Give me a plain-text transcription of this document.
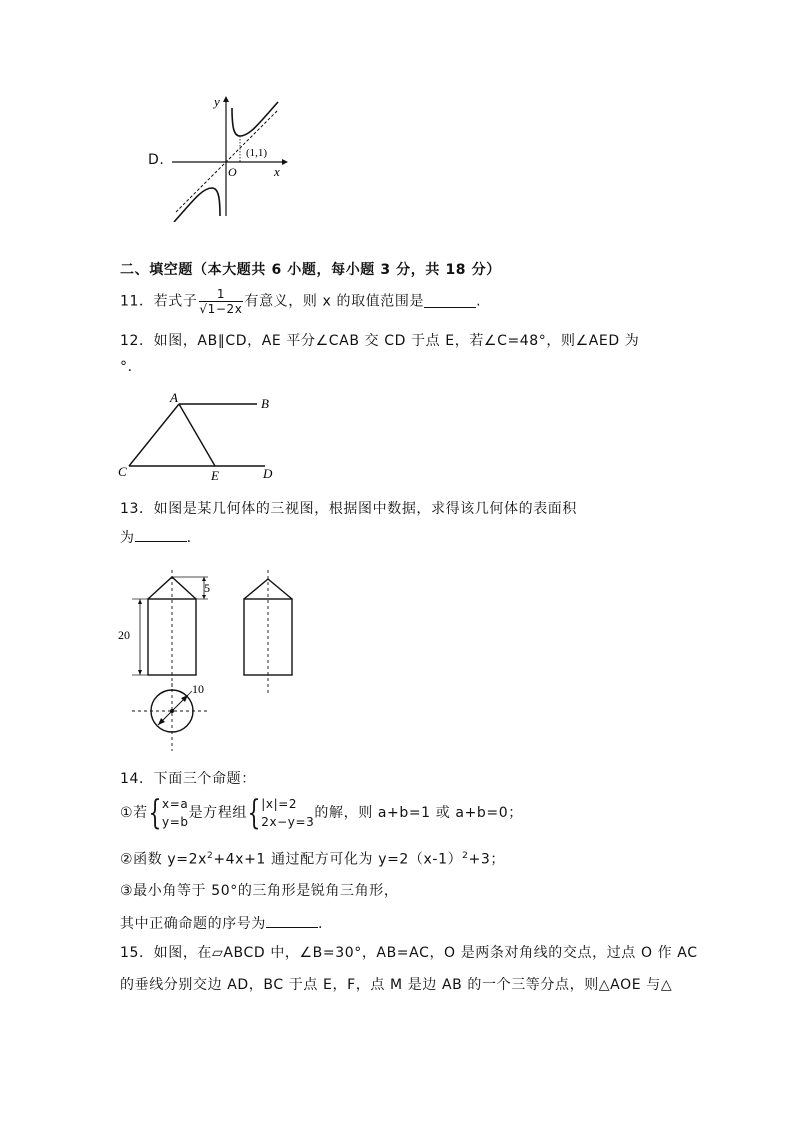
D.
y
x
O
(1,1)
二、填空题（本大题共 6 小题，每小题 3 分，共 18 分）
11．若式子 $\frac{1}{√1-2x}$ 有意义，则 x 的取值范围是	.
12．如图，AB∥CD，AE 平分∠CAB 交 CD 于点 E，若∠C=48°，则∠AED 为
°.
A	B
C	E	D
13．如图是某几何体的三视图，根据图中数据，求得该几何体的表面积
为	.
5
20
10
14．下面三个命题：
①若{ x=a
y=b
是方程组{ |x|=2
2x−y=3
的解，则 a+b=1 或 a+b=0；
②函数 $y=2x^2+4x+1$ 通过配方可化为 $y=2(x-1)^2+3$；
③最小角等于 50°的三角形是锐角三角形，
其中正确命题的序号为	.
15．如图，在▱ABCD 中，∠B=30°，AB=AC，O 是两条对角线的交点，过点 O 作 AC
的垂线分别交边 AD，BC 于点 E，F，点 M 是边 AB 的一个三等分点，则△AOE 与△
